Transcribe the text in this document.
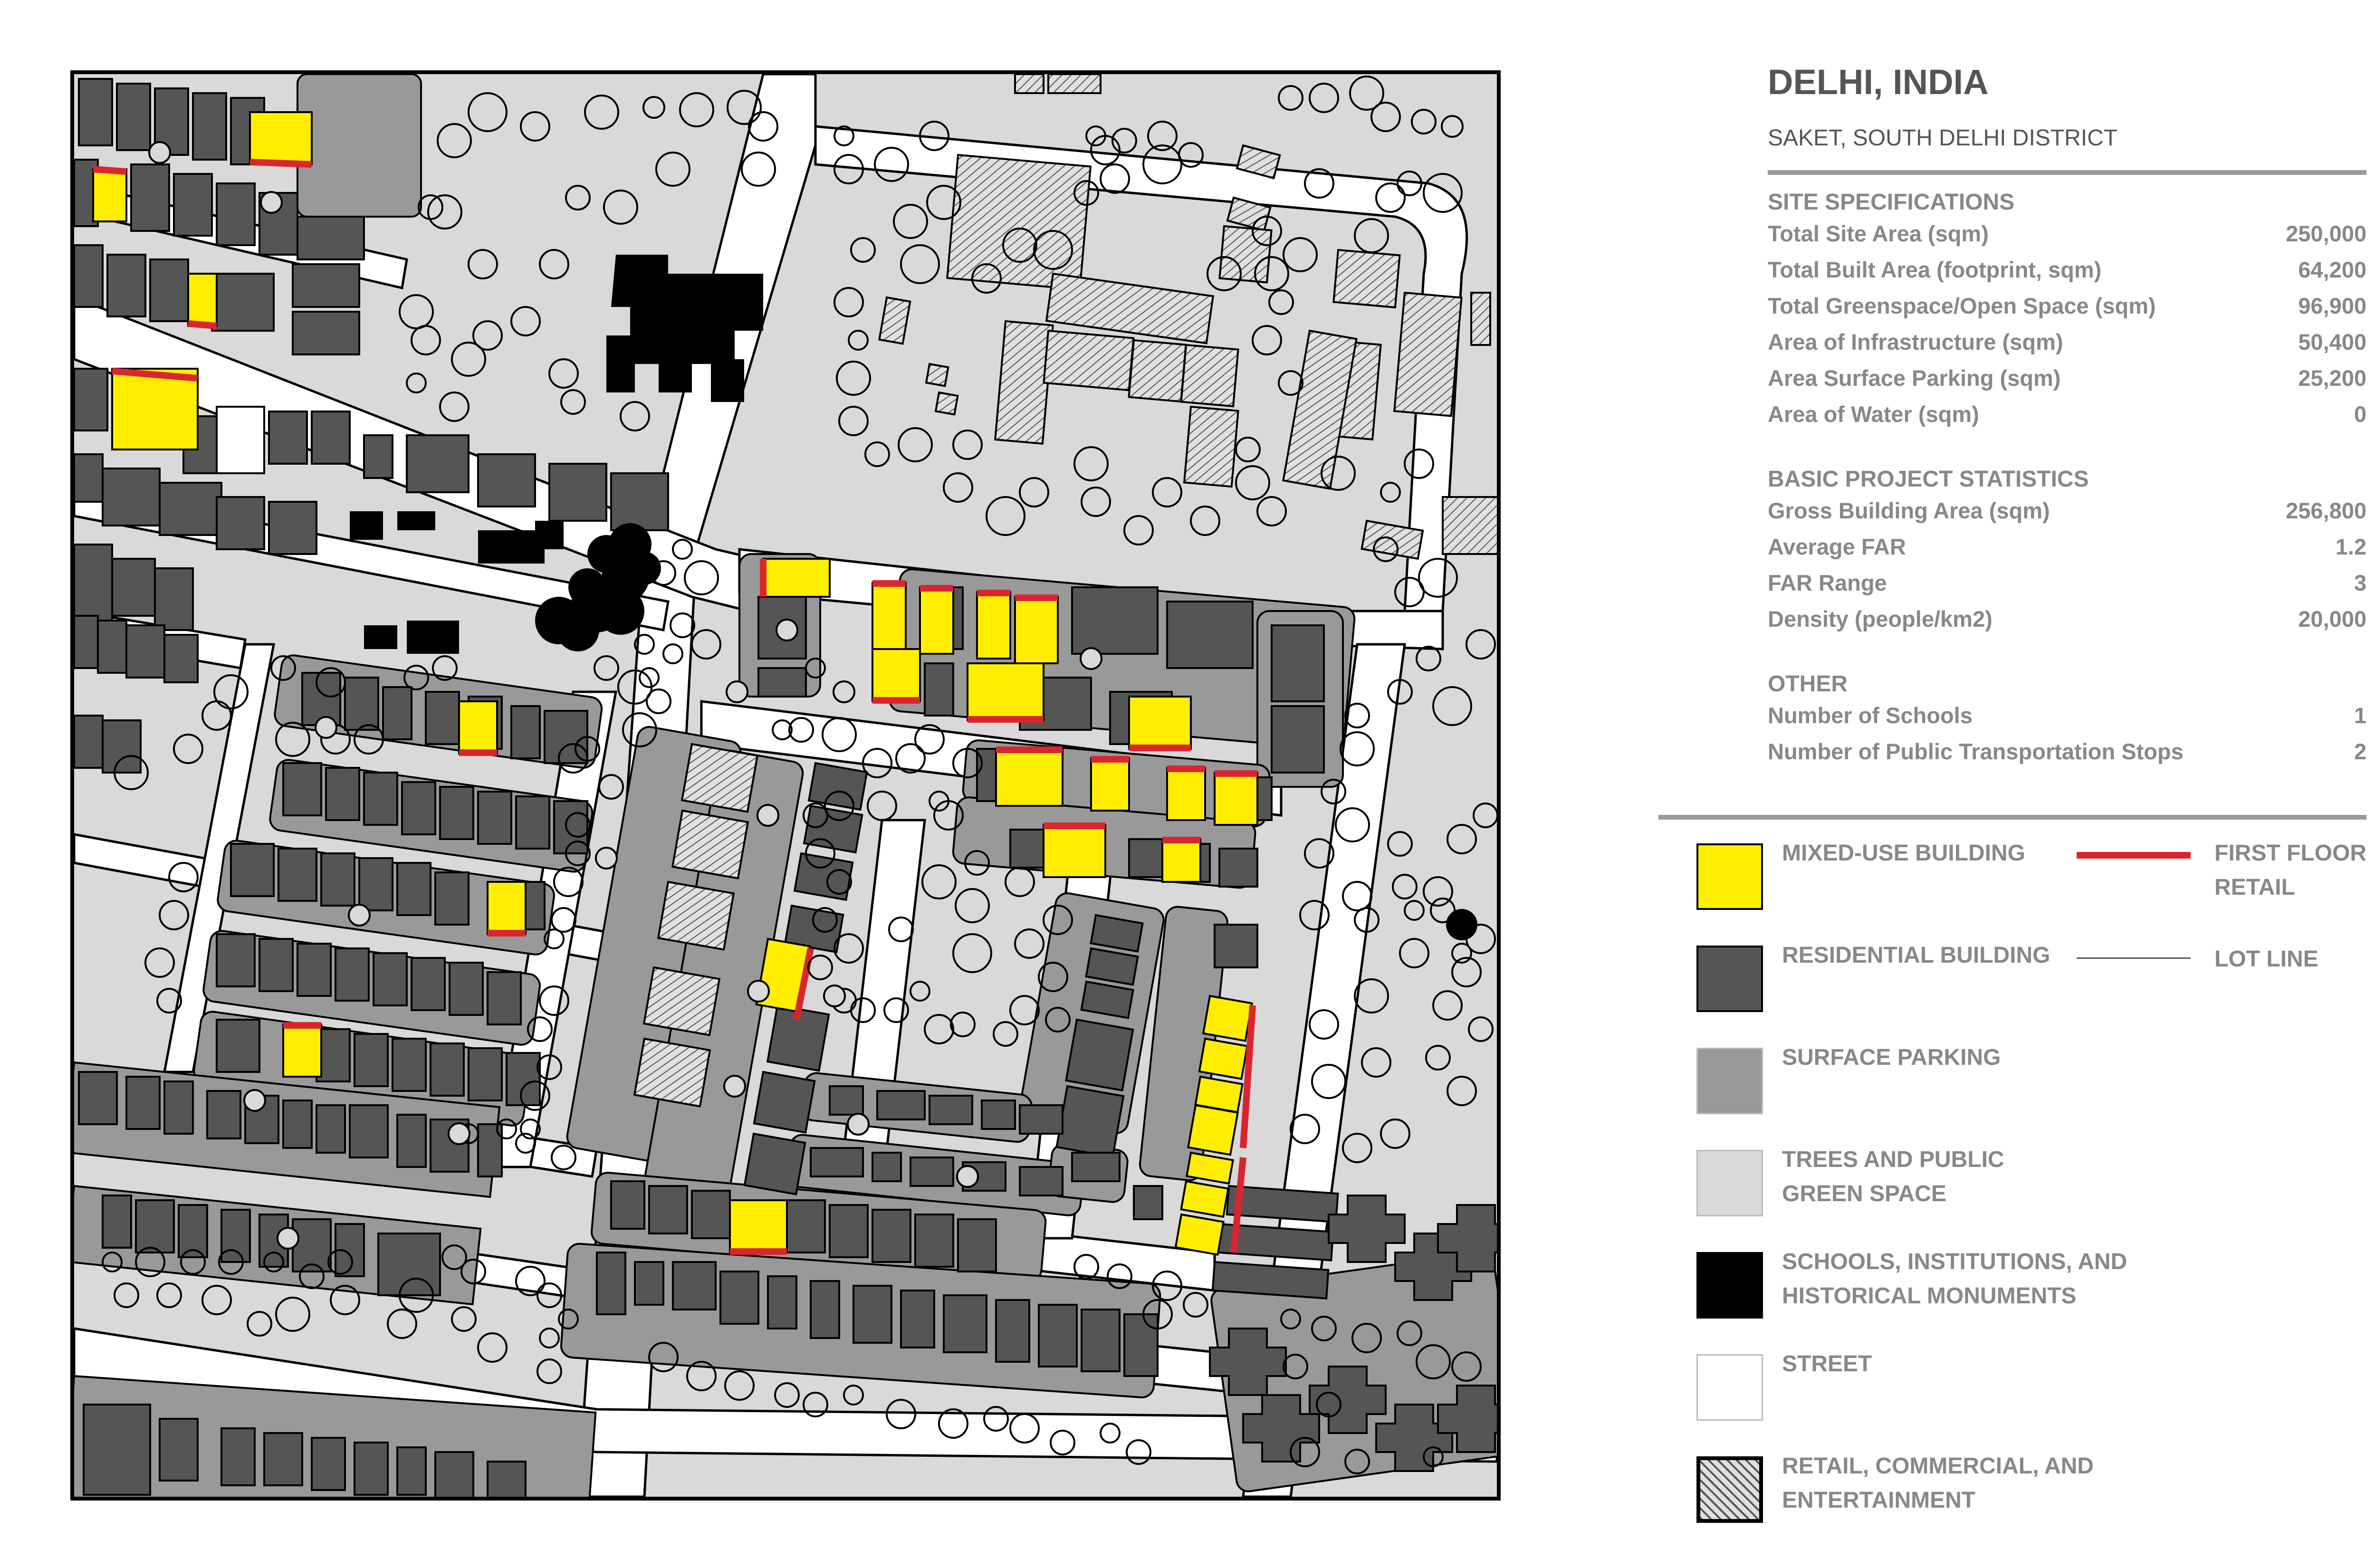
DELHI, INDIA
SAKET, SOUTH DELHI DISTRICT
SITE SPECIFICATIONS
Total Site Area (sqm)	250,000
Total Built Area (footprint, sqm)	64,200
Total Greenspace/Open Space (sqm)	96,900
Area of Infrastructure (sqm)	50,400
Area Surface Parking (sqm)	25,200
Area of Water (sqm)	0
BASIC PROJECT STATISTICS
Gross Building Area (sqm)	256,800
Average FAR	1.2
FAR Range	3
Density (people/km2)	20,000
OTHER
Number of Schools	1
Number of Public Transportation Stops	2
MIXED-USE BUILDING	FIRST FLOOR
RETAIL
RESIDENTIAL BUILDING	LOT LINE
SURFACE PARKING
TREES AND PUBLIC
GREEN SPACE
SCHOOLS, INSTITUTIONS, AND
HISTORICAL MONUMENTS
STREET
RETAIL, COMMERCIAL, AND
ENTERTAINMENT
